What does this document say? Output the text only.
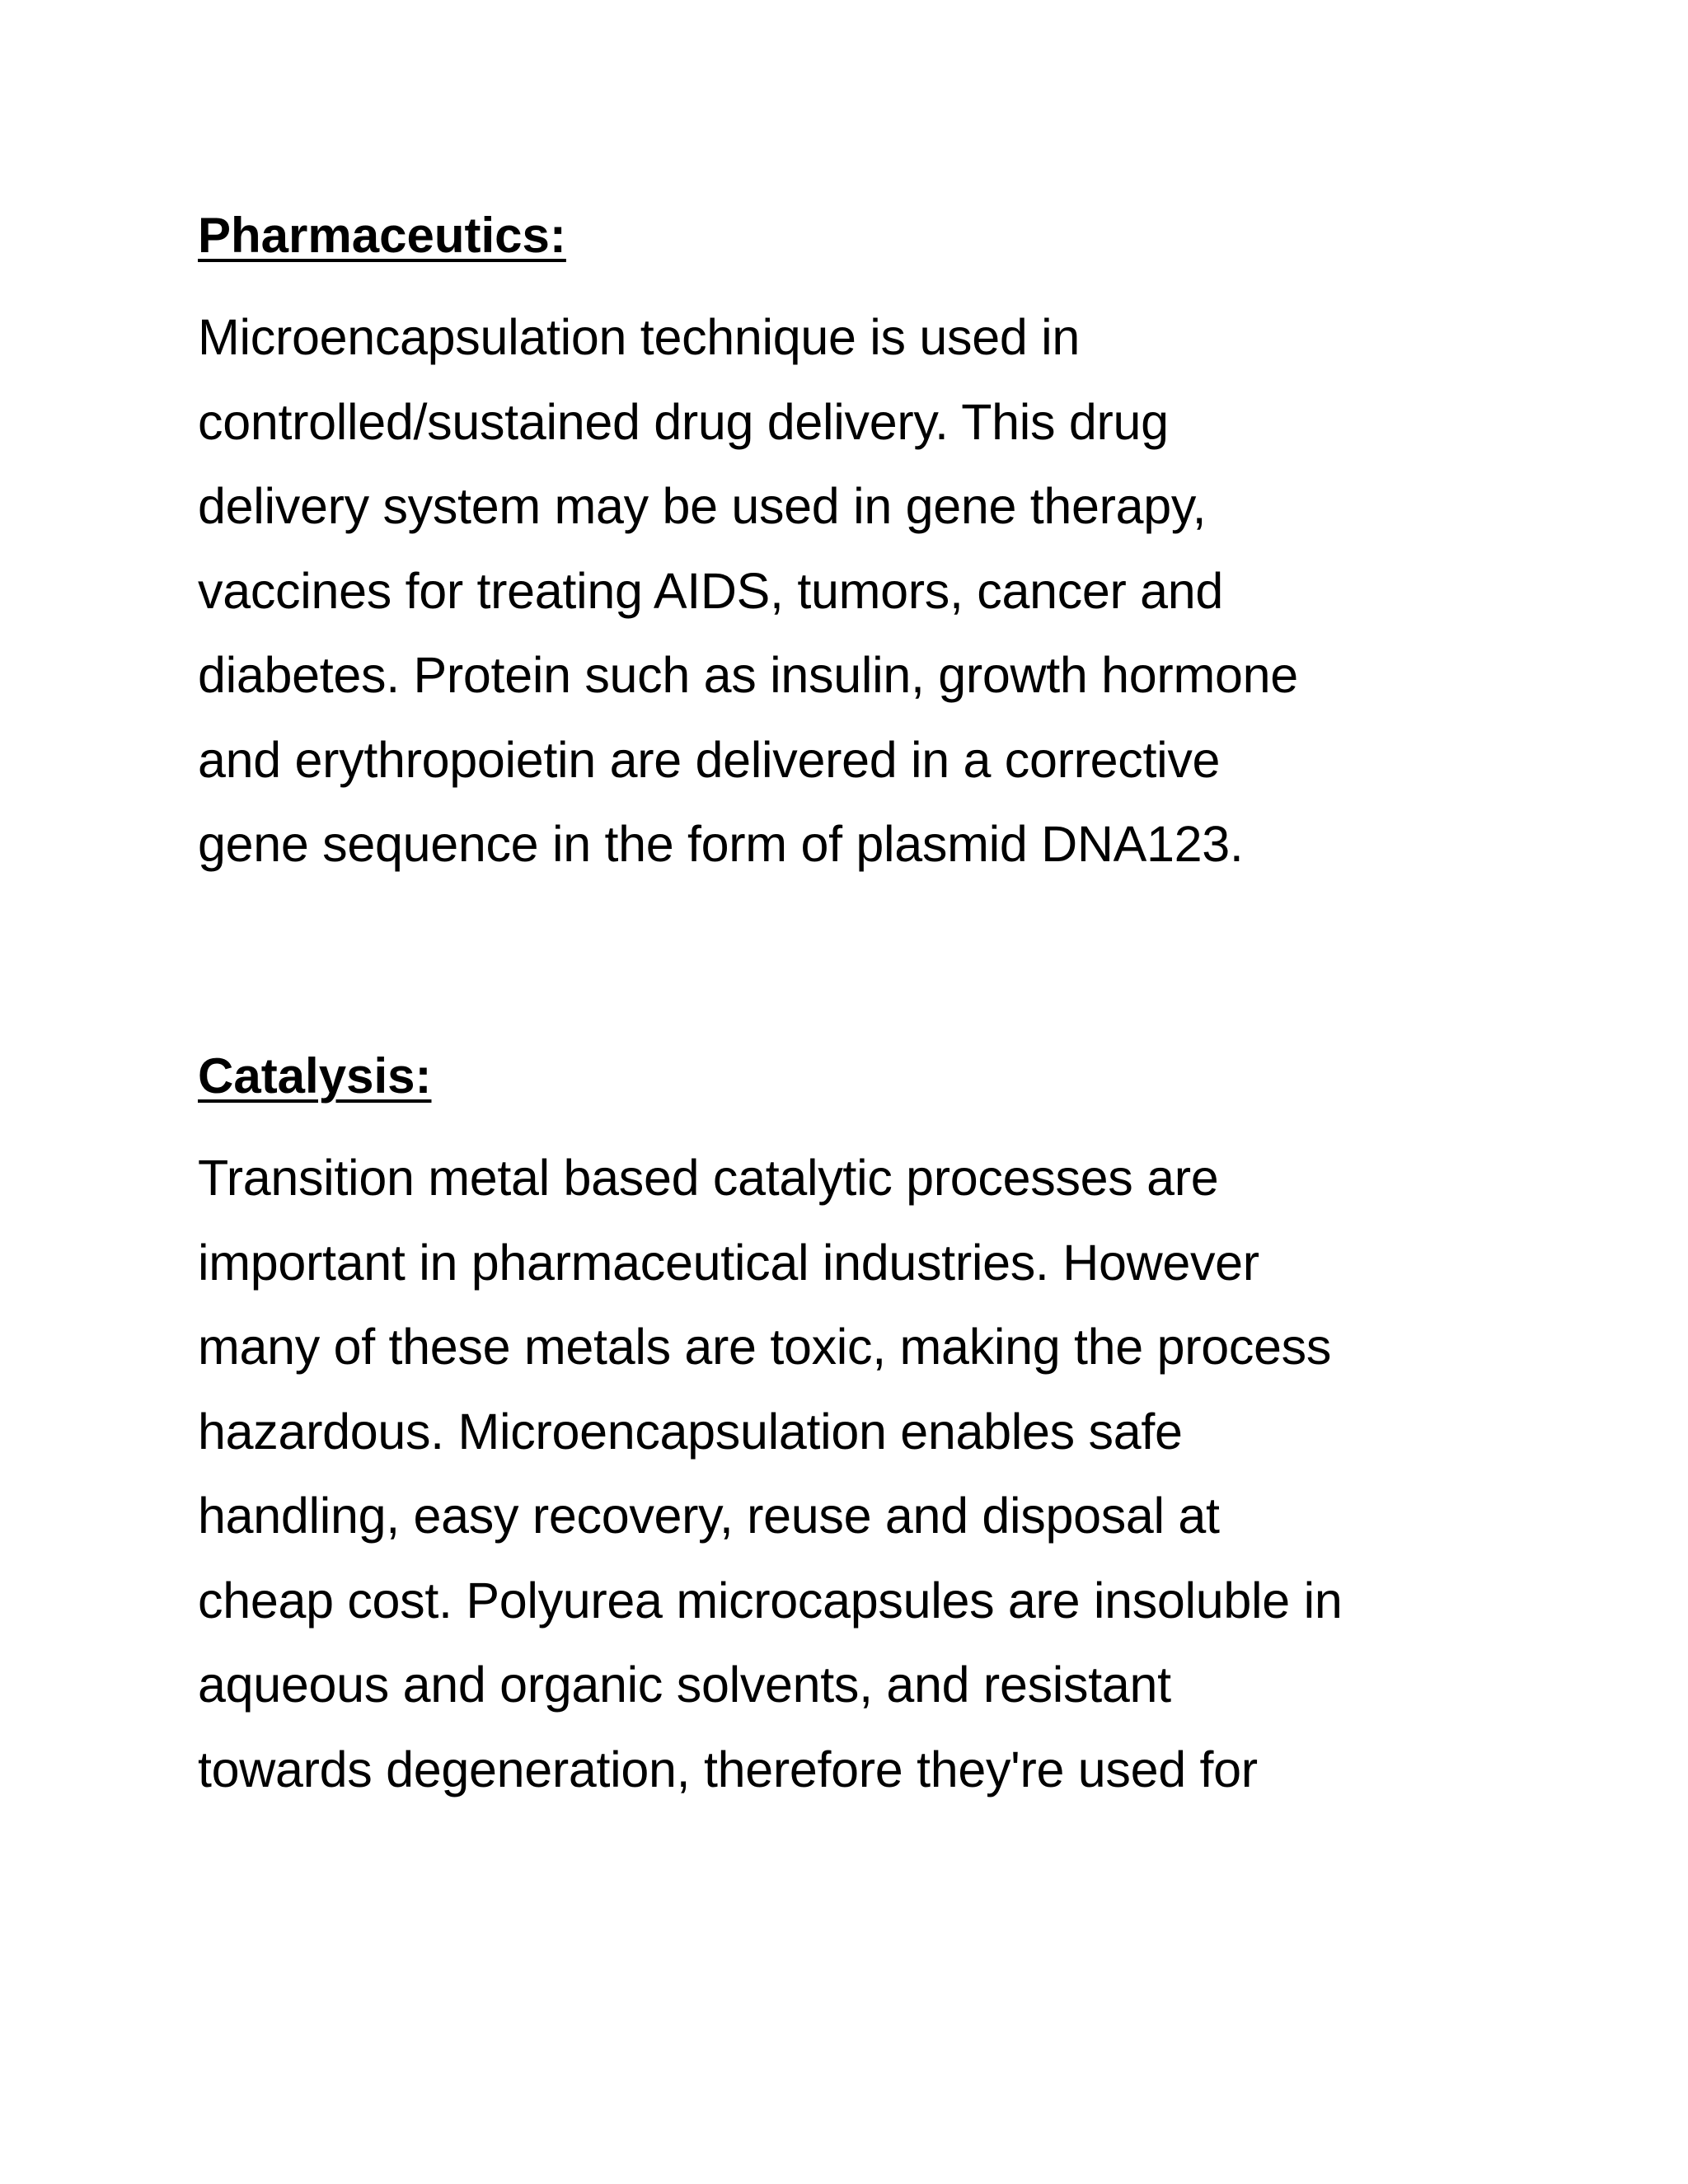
Pharmaceutics:

Microencapsulation technique is used in
controlled/sustained drug delivery. This drug
delivery system may be used in gene therapy,
vaccines for treating AIDS, tumors, cancer and
diabetes. Protein such as insulin, growth hormone
and erythropoietin are delivered in a corrective
gene sequence in the form of plasmid DNA123.

Catalysis:

Transition metal based catalytic processes are
important in pharmaceutical industries. However
many of these metals are toxic, making the process
hazardous. Microencapsulation enables safe
handling, easy recovery, reuse and disposal at
cheap cost. Polyurea microcapsules are insoluble in
aqueous and organic solvents, and resistant
towards degeneration, therefore they're used for
